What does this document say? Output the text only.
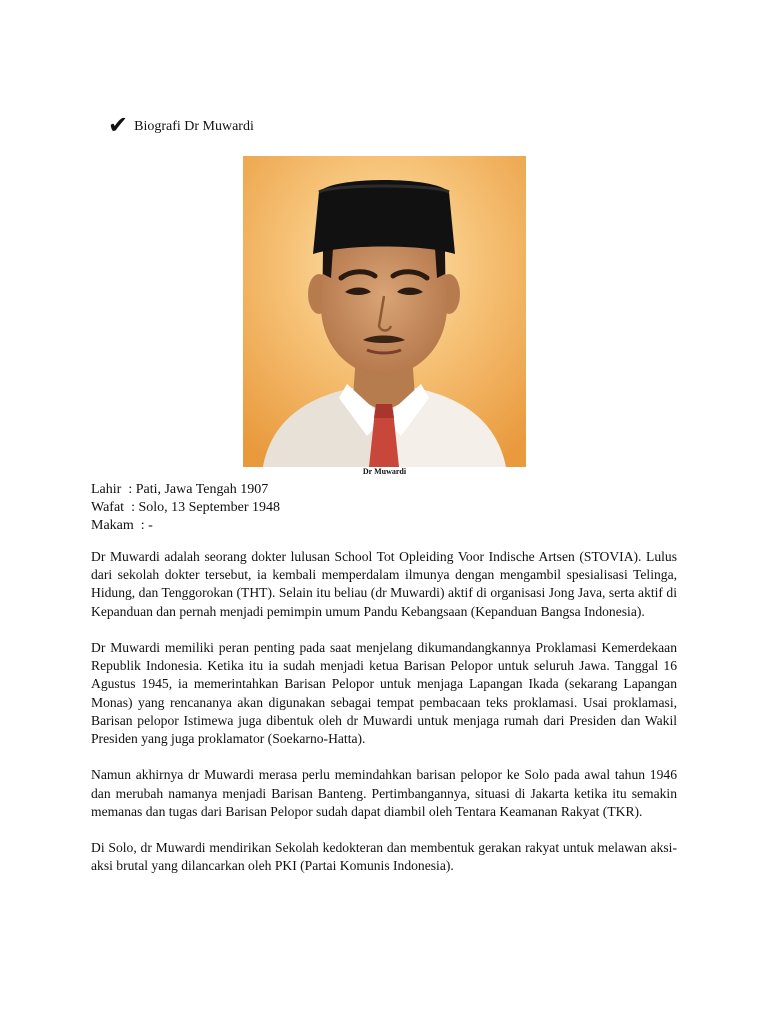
✔ Biografi Dr Muwardi
Dr Muwardi
Lahir  : Pati, Jawa Tengah 1907
Wafat  : Solo, 13 September 1948
Makam  : -

Dr Muwardi adalah seorang dokter lulusan School Tot Opleiding Voor Indische Artsen (STOVIA). Lulus dari sekolah dokter tersebut, ia kembali memperdalam ilmunya dengan mengambil spesialisasi Telinga, Hidung, dan Tenggorokan (THT). Selain itu beliau (dr Muwardi) aktif di organisasi Jong Java, serta aktif di Kepanduan dan pernah menjadi pemimpin umum Pandu Kebangsaan (Kepanduan Bangsa Indonesia).

Dr Muwardi memiliki peran penting pada saat menjelang dikumandangkannya Proklamasi Kemerdekaan Republik Indonesia. Ketika itu ia sudah menjadi ketua Barisan Pelopor untuk seluruh Jawa. Tanggal 16 Agustus 1945, ia memerintahkan Barisan Pelopor untuk menjaga Lapangan Ikada (sekarang Lapangan Monas) yang rencananya akan digunakan sebagai tempat pembacaan teks proklamasi. Usai proklamasi, Barisan pelopor Istimewa juga dibentuk oleh dr Muwardi untuk menjaga rumah dari Presiden dan Wakil Presiden yang juga proklamator (Soekarno-Hatta).

Namun akhirnya dr Muwardi merasa perlu memindahkan barisan pelopor ke Solo pada awal tahun 1946 dan merubah namanya menjadi Barisan Banteng. Pertimbangannya, situasi di Jakarta ketika itu semakin memanas dan tugas dari Barisan Pelopor sudah dapat diambil oleh Tentara Keamanan Rakyat (TKR).

Di Solo, dr Muwardi mendirikan Sekolah kedokteran dan membentuk gerakan rakyat untuk melawan aksi-aksi brutal yang dilancarkan oleh PKI (Partai Komunis Indonesia).
